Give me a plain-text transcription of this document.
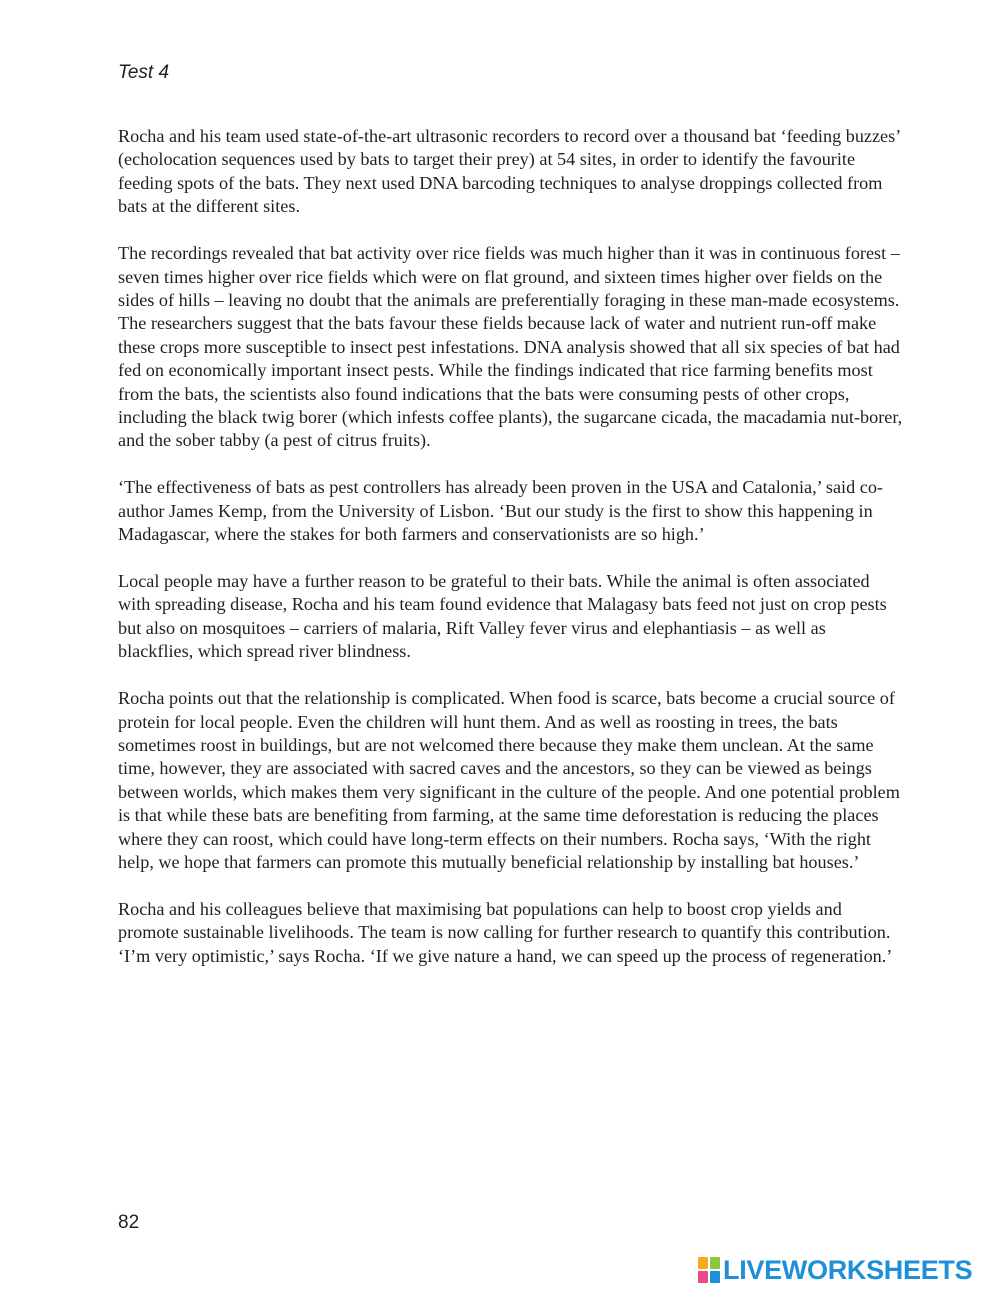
Test 4

Rocha and his team used state-of-the-art ultrasonic recorders to record over a thousand bat ‘feeding buzzes’ (echolocation sequences used by bats to target their prey) at 54 sites, in order to identify the favourite feeding spots of the bats. They next used DNA barcoding techniques to analyse droppings collected from bats at the different sites.

The recordings revealed that bat activity over rice fields was much higher than it was in continuous forest – seven times higher over rice fields which were on flat ground, and sixteen times higher over fields on the sides of hills – leaving no doubt that the animals are preferentially foraging in these man-made ecosystems. The researchers suggest that the bats favour these fields because lack of water and nutrient run-off make these crops more susceptible to insect pest infestations. DNA analysis showed that all six species of bat had fed on economically important insect pests. While the findings indicated that rice farming benefits most from the bats, the scientists also found indications that the bats were consuming pests of other crops, including the black twig borer (which infests coffee plants), the sugarcane cicada, the macadamia nut-borer, and the sober tabby (a pest of citrus fruits).

‘The effectiveness of bats as pest controllers has already been proven in the USA and Catalonia,’ said co-author James Kemp, from the University of Lisbon. ‘But our study is the first to show this happening in Madagascar, where the stakes for both farmers and conservationists are so high.’

Local people may have a further reason to be grateful to their bats. While the animal is often associated with spreading disease, Rocha and his team found evidence that Malagasy bats feed not just on crop pests but also on mosquitoes – carriers of malaria, Rift Valley fever virus and elephantiasis – as well as blackflies, which spread river blindness.

Rocha points out that the relationship is complicated. When food is scarce, bats become a crucial source of protein for local people. Even the children will hunt them. And as well as roosting in trees, the bats sometimes roost in buildings, but are not welcomed there because they make them unclean. At the same time, however, they are associated with sacred caves and the ancestors, so they can be viewed as beings between worlds, which makes them very significant in the culture of the people. And one potential problem is that while these bats are benefiting from farming, at the same time deforestation is reducing the places where they can roost, which could have long-term effects on their numbers. Rocha says, ‘With the right help, we hope that farmers can promote this mutually beneficial relationship by installing bat houses.’

Rocha and his colleagues believe that maximising bat populations can help to boost crop yields and promote sustainable livelihoods. The team is now calling for further research to quantify this contribution. ‘I’m very optimistic,’ says Rocha. ‘If we give nature a hand, we can speed up the process of regeneration.’

82
LIVEWORKSHEETS
